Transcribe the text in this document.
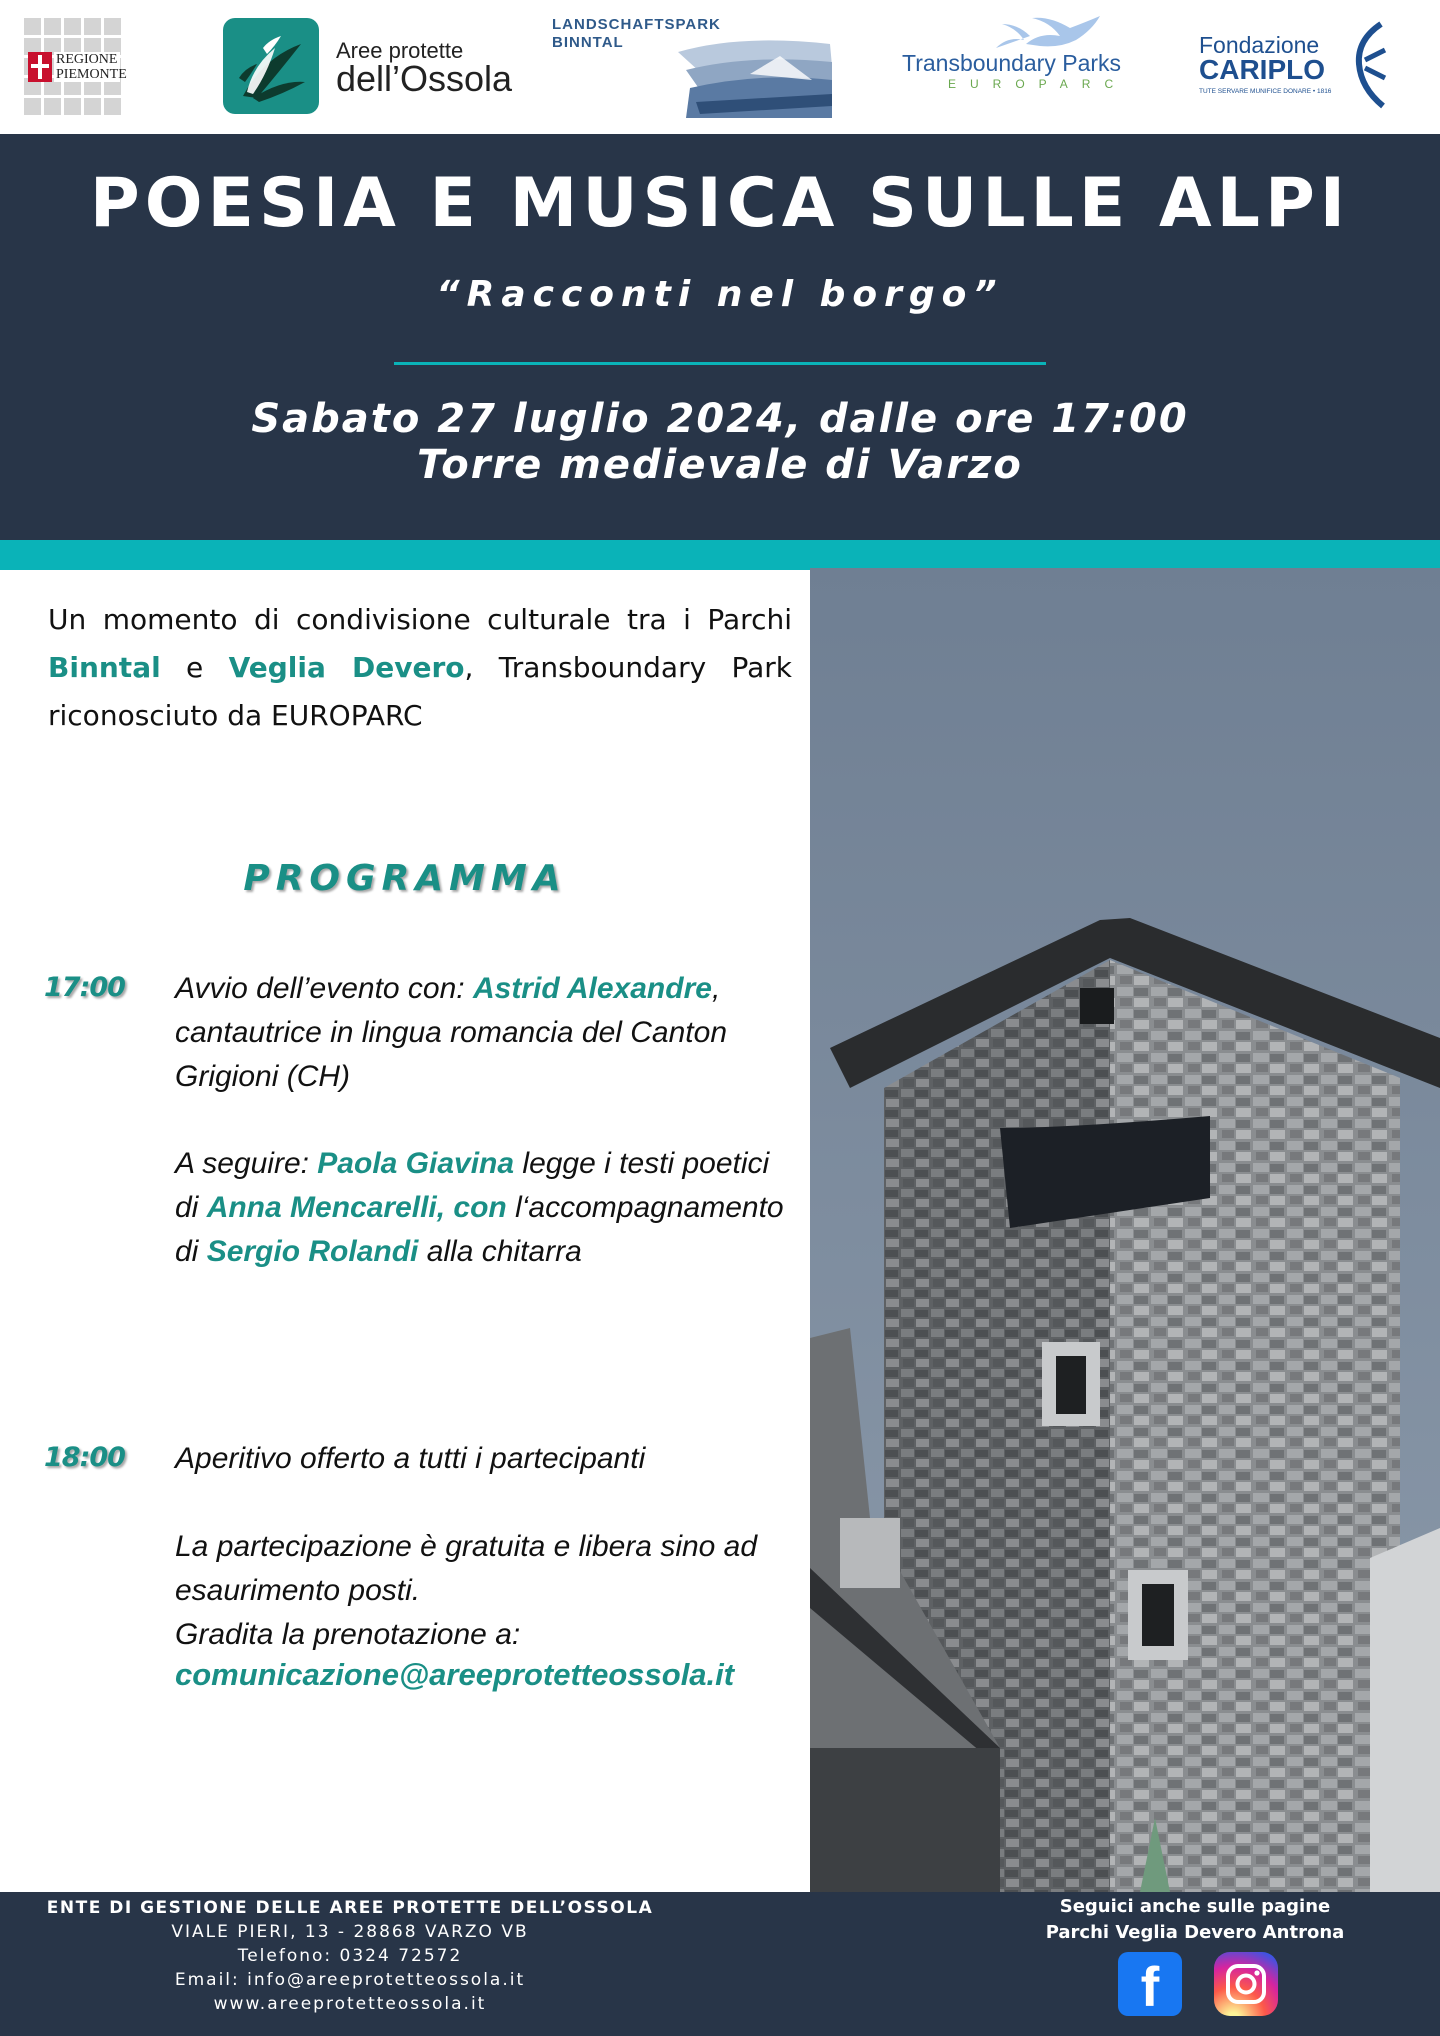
REGIONE PIEMONTE
Aree protette
dell’Ossola
LANDSCHAFTSPARK
BINNTAL
Transboundary Parks
EUROPARC
Fondazione
CARIPLO
TUTE SERVARE MUNIFICE DONARE • 1816
POESIA E MUSICA SULLE ALPI
“Racconti nel borgo”
Sabato 27 luglio 2024, dalle ore 17:00
Torre medievale di Varzo
Un momento di condivisione culturale tra i Parchi Binntal e Veglia Devero, Transboundary Park riconosciuto da EUROPARC
PROGRAMMA
17:00 Avvio dell’evento con: Astrid Alexandre, cantautrice in lingua romancia del Canton Grigioni (CH)
A seguire: Paola Giavina legge i testi poetici di Anna Mencarelli, con l‘accompagnamento di Sergio Rolandi alla chitarra
18:00 Aperitivo offerto a tutti i partecipanti
La partecipazione è gratuita e libera sino ad esaurimento posti.
Gradita la prenotazione a:
comunicazione@areeprotetteossola.it
ENTE DI GESTIONE DELLE AREE PROTETTE DELL’OSSOLA
VIALE PIERI, 13 - 28868 VARZO VB
Telefono: 0324 72572
Email: info@areeprotetteossola.it
www.areeprotetteossola.it
Seguici anche sulle pagine
Parchi Veglia Devero Antrona
f
